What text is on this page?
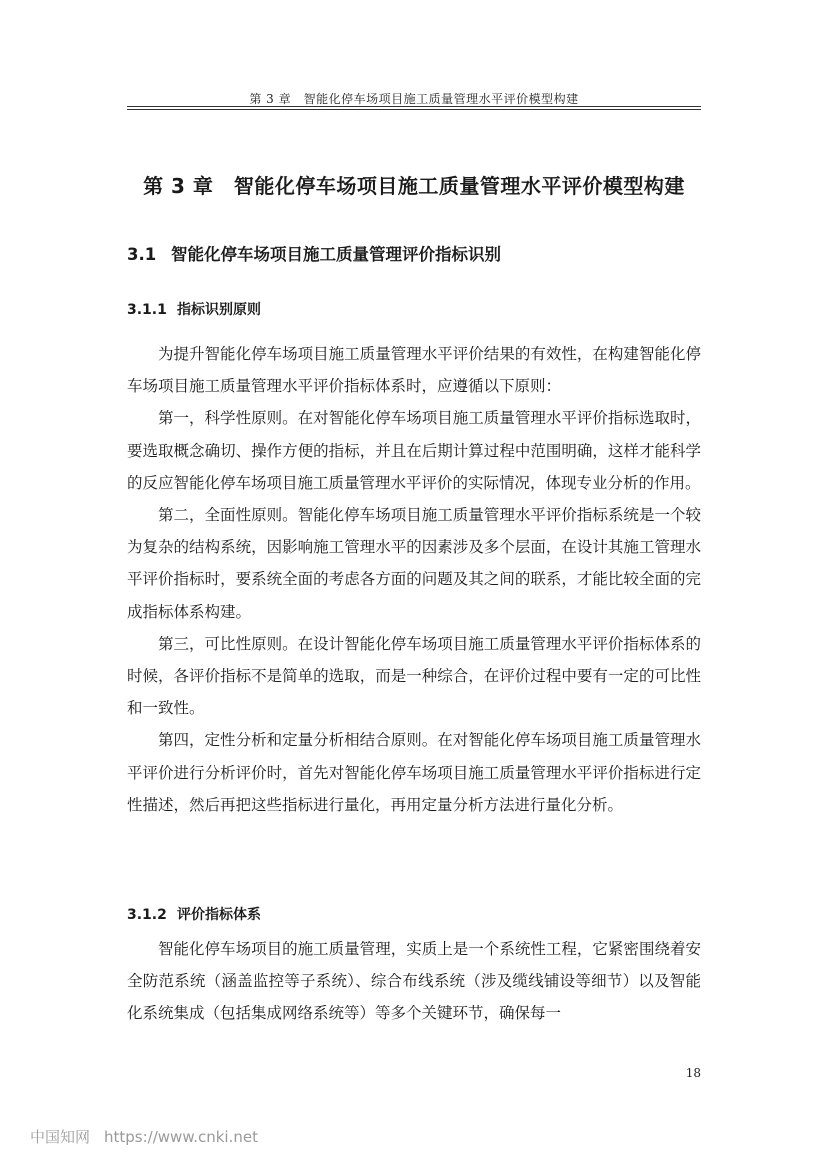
第 3 章　智能化停车场项目施工质量管理水平评价模型构建
第 3 章　智能化停车场项目施工质量管理水平评价模型构建
3.1 智能化停车场项目施工质量管理评价指标识别
3.1.1 指标识别原则

为提升智能化停车场项目施工质量管理水平评价结果的有效性，在构建智能化停车场项目施工质量管理水平评价指标体系时，应遵循以下原则：

第一，科学性原则。在对智能化停车场项目施工质量管理水平评价指标选取时，要选取概念确切、操作方便的指标，并且在后期计算过程中范围明确，这样才能科学的反应智能化停车场项目施工质量管理水平评价的实际情况，体现专业分析的作用。

第二，全面性原则。智能化停车场项目施工质量管理水平评价指标系统是一个较为复杂的结构系统，因影响施工管理水平的因素涉及多个层面，在设计其施工管理水平评价指标时，要系统全面的考虑各方面的问题及其之间的联系，才能比较全面的完成指标体系构建。

第三，可比性原则。在设计智能化停车场项目施工质量管理水平评价指标体系的时候，各评价指标不是简单的选取，而是一种综合，在评价过程中要有一定的可比性和一致性。

第四，定性分析和定量分析相结合原则。在对智能化停车场项目施工质量管理水平评价进行分析评价时，首先对智能化停车场项目施工质量管理水平评价指标进行定性描述，然后再把这些指标进行量化，再用定量分析方法进行量化分析。

3.1.2 评价指标体系

智能化停车场项目的施工质量管理，实质上是一个系统性工程，它紧密围绕着安全防范系统（涵盖监控等子系统）、综合布线系统（涉及缆线铺设等细节）以及智能化系统集成（包括集成网络系统等）等多个关键环节，确保每一

18
中国知网 https://www.cnki.net
